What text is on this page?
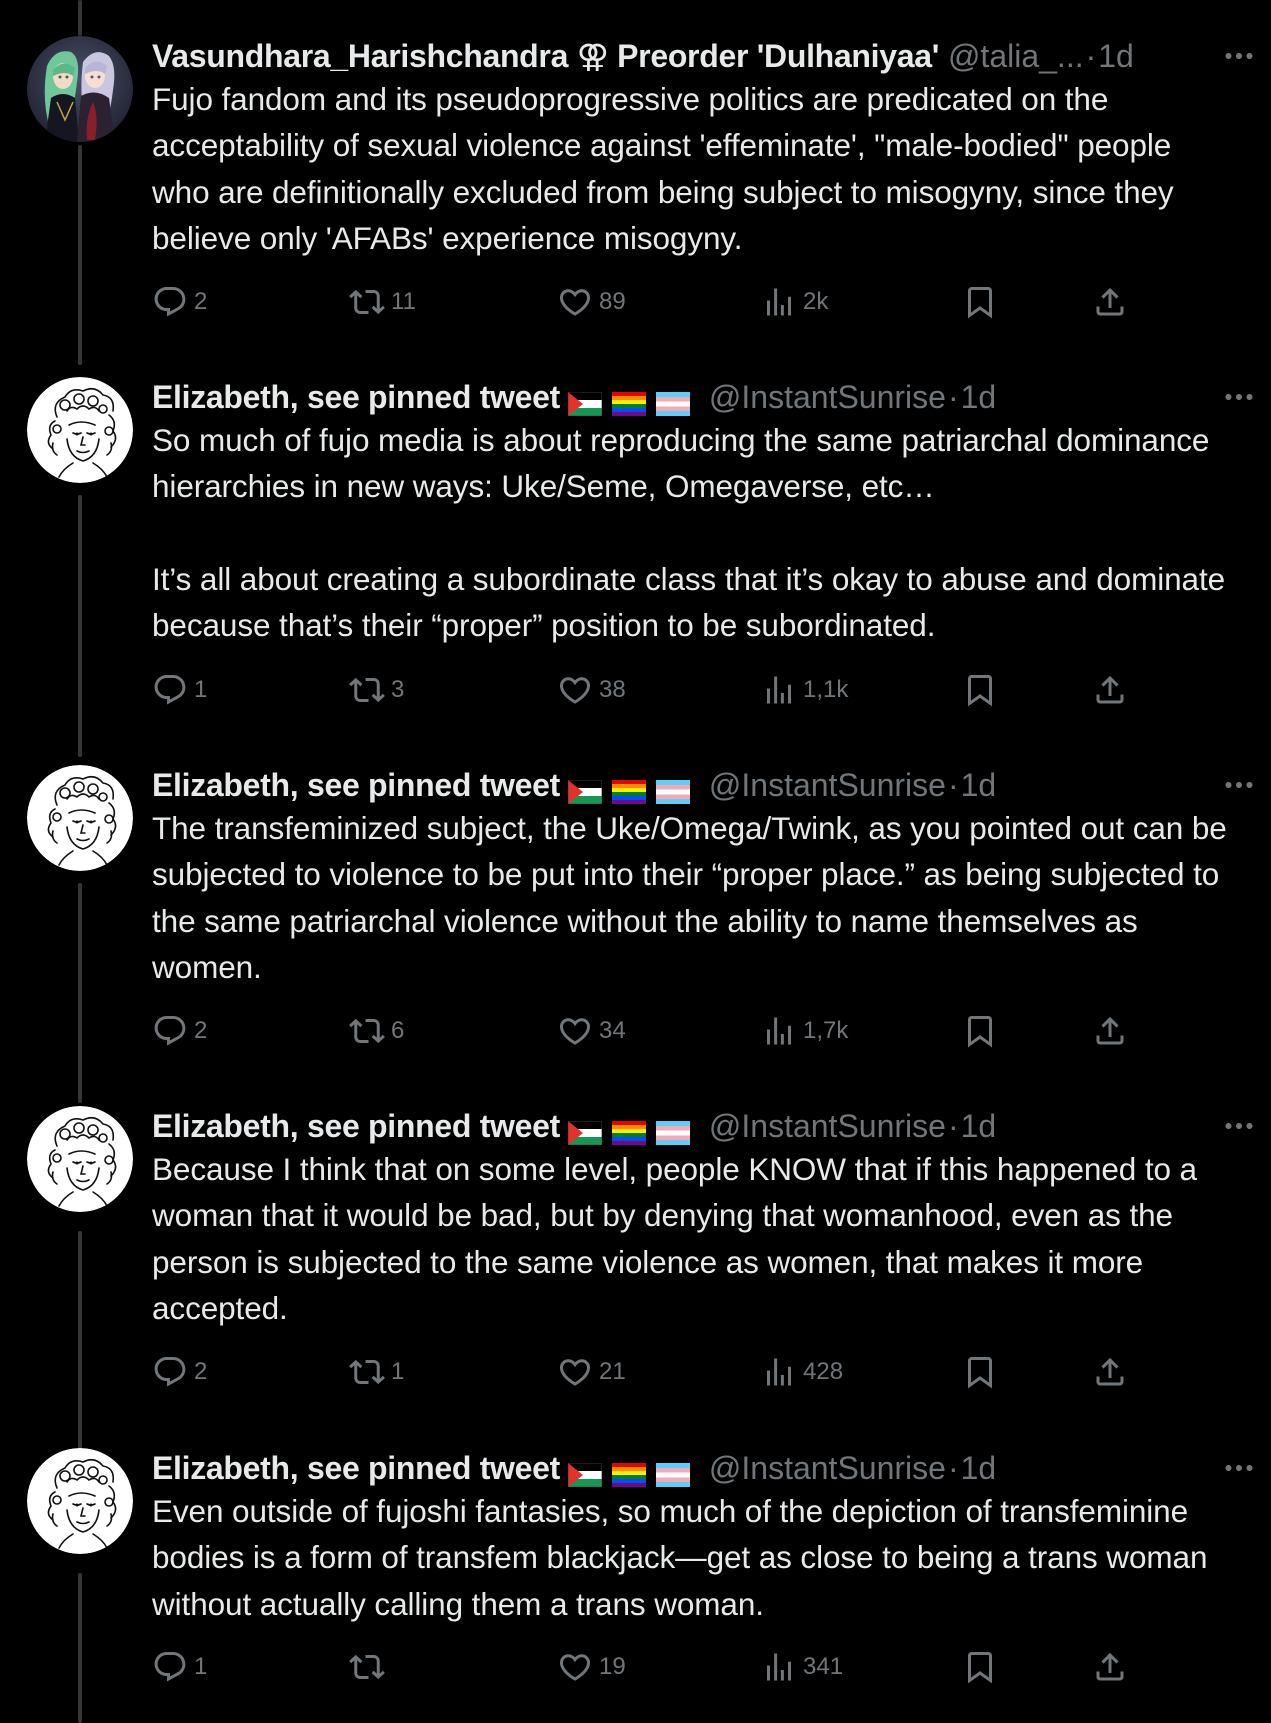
Vasundhara_Harishchandra ⚢ Preorder 'Dulhaniyaa' @talia_...·1d
Fujo fandom and its pseudoprogressive politics are predicated on the acceptability of sexual violence against 'effeminate', "male-bodied" people who are definitionally excluded from being subject to misogyny, since they believe only 'AFABs' experience misogyny.
2	11	89	2k
Elizabeth, see pinned tweet	@InstantSunrise·1d
So much of fujo media is about reproducing the same patriarchal dominance hierarchies in new ways: Uke/Seme, Omegaverse, etc…

It’s all about creating a subordinate class that it’s okay to abuse and dominate because that’s their “proper” position to be subordinated.
1	3	38	1,1k
Elizabeth, see pinned tweet	@InstantSunrise·1d
The transfeminized subject, the Uke/Omega/Twink, as you pointed out can be subjected to violence to be put into their “proper place.” as being subjected to the same patriarchal violence without the ability to name themselves as women.
2	6	34	1,7k
Elizabeth, see pinned tweet	@InstantSunrise·1d
Because I think that on some level, people KNOW that if this happened to a woman that it would be bad, but by denying that womanhood, even as the person is subjected to the same violence as women, that makes it more accepted.
2	1	21	428
Elizabeth, see pinned tweet	@InstantSunrise·1d
Even outside of fujoshi fantasies, so much of the depiction of transfeminine bodies is a form of transfem blackjack—get as close to being a trans woman without actually calling them a trans woman.
1	19	341
